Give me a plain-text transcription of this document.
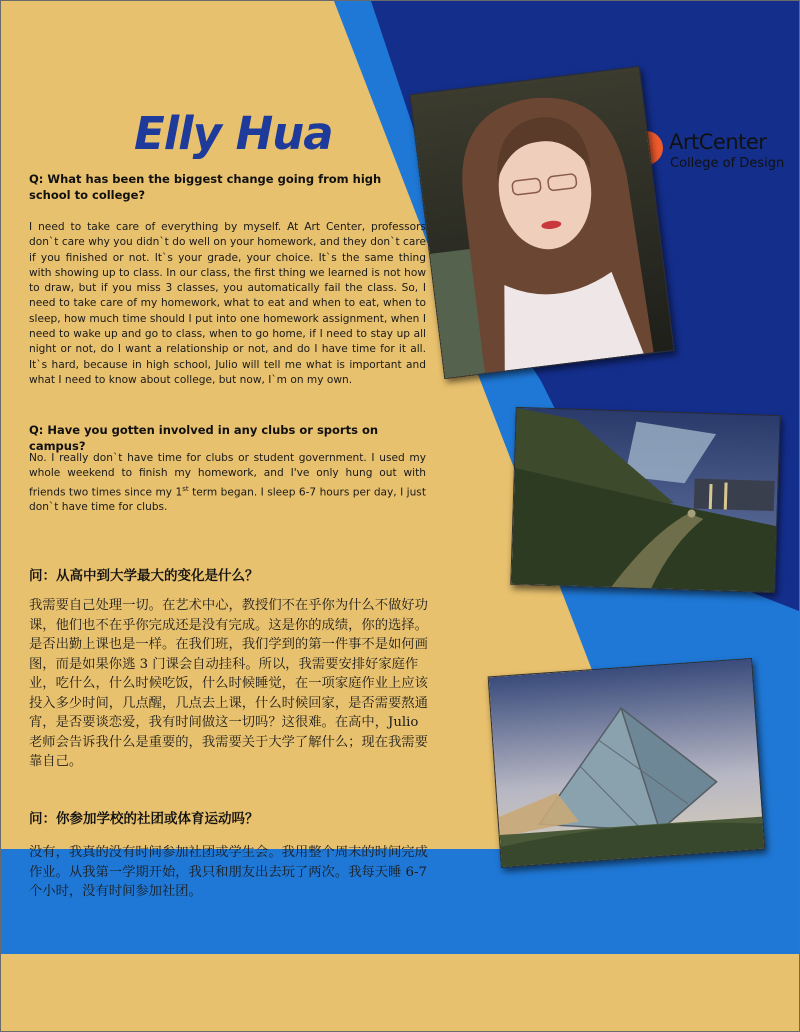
Elly Hua	ArtCenter
College of Design

Q: What has been the biggest change going from high school to college?

I need to take care of everything by myself. At Art Center, professors don`t care why you didn`t do well on your homework, and they don`t care if you finished or not. It`s your grade, your choice. It`s the same thing with showing up to class. In our class, the first thing we learned is not how to draw, but if you miss 3 classes, you automatically fail the class. So, I need to take care of my homework, what to eat and when to eat, when to sleep, how much time should I put into one homework assignment, when I need to wake up and go to class, when to go home, if I need to stay up all night or not, do I want a relationship or not, and do I have time for it all. It`s hard, because in high school, Julio will tell me what is important and what I need to know about college, but now, I`m on my own.

Q: Have you gotten involved in any clubs or sports on campus?

No. I really don`t have time for clubs or student government. I used my whole weekend to finish my homework, and I've only hung out with friends two times since my 1st term began. I sleep 6-7 hours per day, I just don`t have time for clubs.

问：从高中到大学最大的变化是什么？

我需要自己处理一切。在艺术中心，教授们不在乎你为什么不做好功课，他们也不在乎你完成还是没有完成。这是你的成绩，你的选择。是否出勤上课也是一样。在我们班，我们学到的第一件事不是如何画图，而是如果你逃 3 门课会自动挂科。所以，我需要安排好家庭作业，吃什么，什么时候吃饭，什么时候睡觉，在一项家庭作业上应该投入多少时间，几点醒，几点去上课，什么时候回家，是否需要熬通宵，是否要谈恋爱，我有时间做这一切吗？这很难。在高中，Julio 老师会告诉我什么是重要的，我需要关于大学了解什么；现在我需要靠自己。

问：你参加学校的社团或体育运动吗？

没有，我真的没有时间参加社团或学生会。我用整个周末的时间完成作业。从我第一学期开始，我只和朋友出去玩了两次。我每天睡 6-7 个小时，没有时间参加社团。
